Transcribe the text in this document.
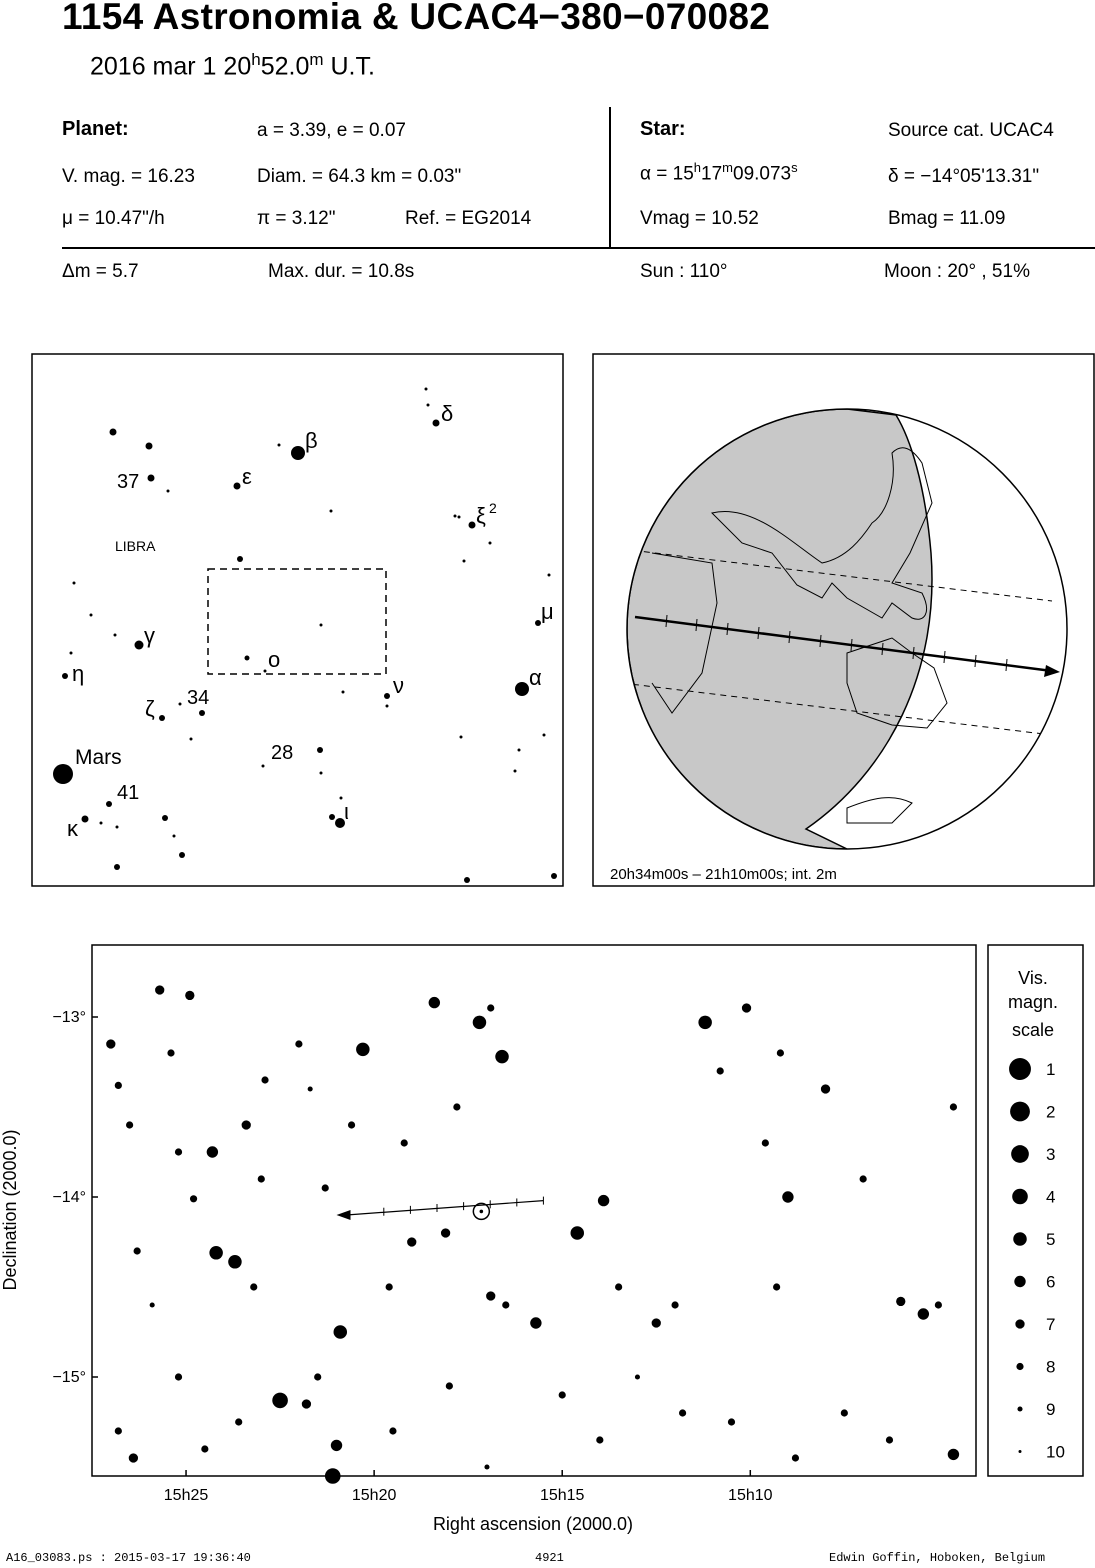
1154 Astronomia & UCAC4−380−070082
2016 mar 1 20$^h$52.0$^m$ U.T.
Planet:	a = 3.39, e = 0.07
V. mag. = 16.23	Diam. = 64.3 km = 0.03"
μ = 10.47"/h	π = 3.12"	Ref. = EG2014
Star:	Source cat. UCAC4
$\alpha = 15^h17^m09.073^s$	δ = −14°05'13.31"
Vmag = 10.52	Bmag = 11.09
Δm = 5.7	Max. dur. = 10.8s	Sun : 110°	Moon : 20° , 51%
δ
β
37	ε
ξ 2
μ
γ
η
ο
ν	α
ζ 34
Mars	28
41
κ
ι
LIBRA
20h34m00s – 21h10m00s; int. 2m
15h25	15h20	15h15	15h10
−13°
−14°
−15°
Right ascension (2000.0)
Declination (2000.0)
Vis.
magn.
scale
1
2
3
4
5
6
7
8
9
10
A16_03083.ps : 2015-03-17 19:36:40	4921	Edwin Goffin, Hoboken, Belgium
